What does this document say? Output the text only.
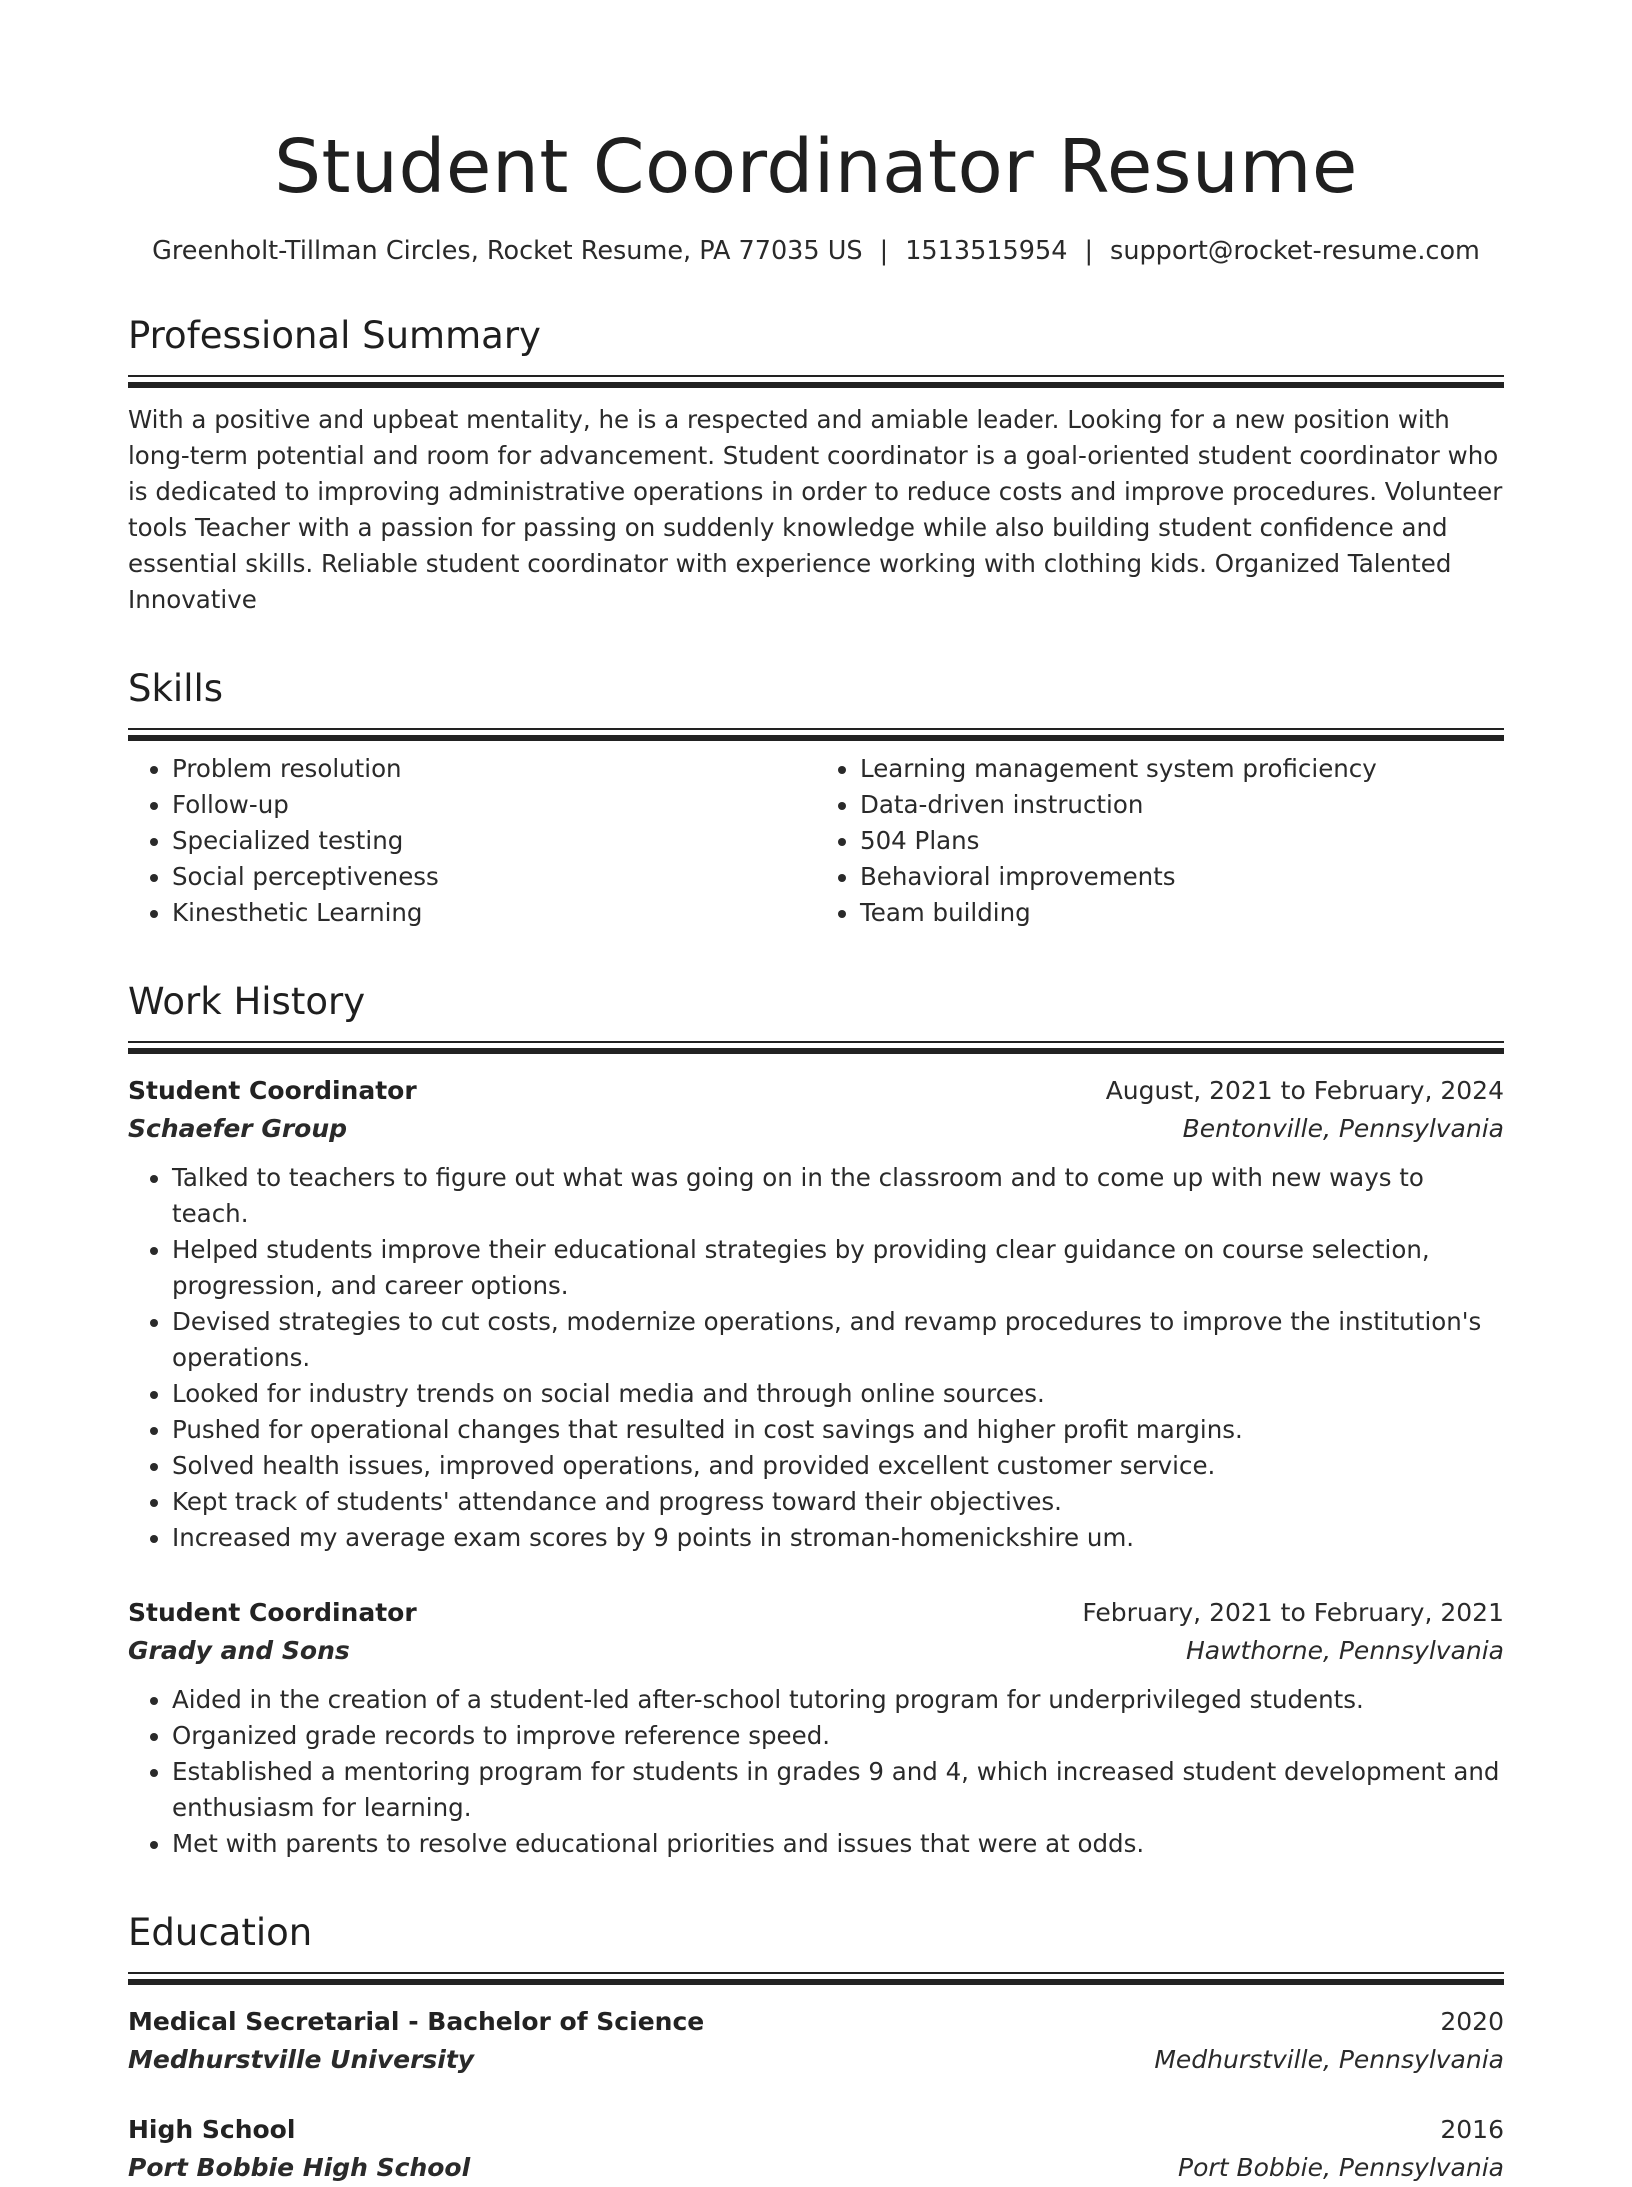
Student Coordinator Resume
Greenholt-Tillman Circles, Rocket Resume, PA 77035 US | 1513515954 | support@rocket-resume.com
Professional Summary

With a positive and upbeat mentality, he is a respected and amiable leader. Looking for a new position with long-term potential and room for advancement. Student coordinator is a goal-oriented student coordinator who is dedicated to improving administrative operations in order to reduce costs and improve procedures. Volunteer tools Teacher with a passion for passing on suddenly knowledge while also building student confidence and essential skills. Reliable student coordinator with experience working with clothing kids. Organized Talented Innovative

Skills
• Problem resolution
• Follow-up
• Specialized testing
• Social perceptiveness
• Kinesthetic Learning
• Learning management system proficiency
• Data-driven instruction
• 504 Plans
• Behavioral improvements
• Team building
Work History
Student Coordinator	August, 2021 to February, 2024
Schaefer Group	Bentonville, Pennsylvania
• Talked to teachers to figure out what was going on in the classroom and to come up with new ways to teach.
• Helped students improve their educational strategies by providing clear guidance on course selection, progression, and career options.
• Devised strategies to cut costs, modernize operations, and revamp procedures to improve the institution's operations.
• Looked for industry trends on social media and through online sources.
• Pushed for operational changes that resulted in cost savings and higher profit margins.
• Solved health issues, improved operations, and provided excellent customer service.
• Kept track of students' attendance and progress toward their objectives.
• Increased my average exam scores by 9 points in stroman-homenickshire um.
Student Coordinator	February, 2021 to February, 2021
Grady and Sons	Hawthorne, Pennsylvania
• Aided in the creation of a student-led after-school tutoring program for underprivileged students.
• Organized grade records to improve reference speed.
• Established a mentoring program for students in grades 9 and 4, which increased student development and enthusiasm for learning.
• Met with parents to resolve educational priorities and issues that were at odds.
Education
Medical Secretarial - Bachelor of Science	2020
Medhurstville University	Medhurstville, Pennsylvania
High School	2016
Port Bobbie High School	Port Bobbie, Pennsylvania
